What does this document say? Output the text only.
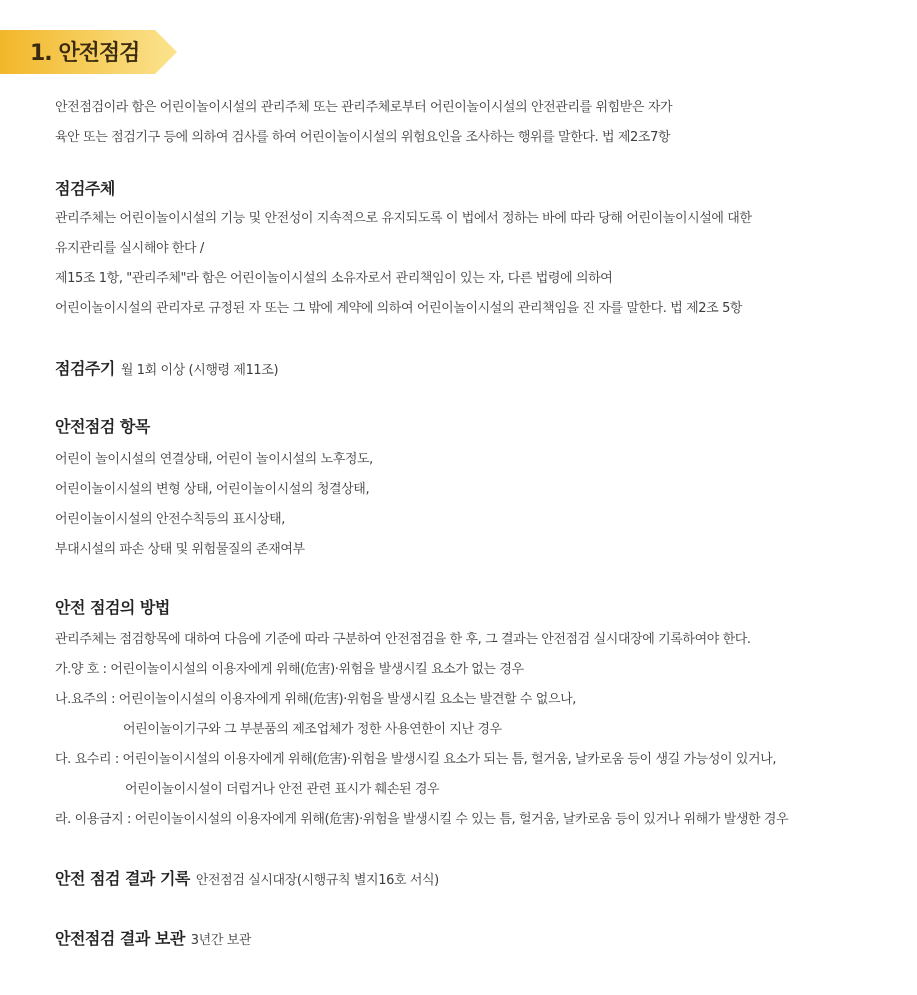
1. 안전점검
안전점검이라 함은 어린이놀이시설의 관리주체 또는 관리주체로부터 어린이놀이시설의 안전관리를 위힘받은 자가
육안 또는 점검기구 등에 의하여 검사를 하여 어린이놀이시설의 위험요인을 조사하는 행위를 말한다. 법 제2조7항
점검주체
관리주체는 어린이놀이시설의 기능 및 안전성이 지속적으로 유지되도록 이 법에서 정하는 바에 따라 당해 어린이놀이시설에 대한
유지관리를 실시해야 한다 /
제15조 1항, "관리주체"라 함은 어린이놀이시설의 소유자로서 관리책임이 있는 자, 다른 법령에 의하여
어린이놀이시설의 관리자로 규정된 자 또는 그 밖에 계약에 의하여 어린이놀이시설의 관리책임을 진 자를 말한다. 법 제2조 5항
점검주기 월 1회 이상 (시행령 제11조)
안전점검 항목
어린이 놀이시설의 연결상태, 어린이 놀이시설의 노후정도,
어린이놀이시설의 변형 상태, 어린이놀이시설의 청결상태,
어린이놀이시설의 안전수칙등의 표시상태,
부대시설의 파손 상태 및 위험물질의 존재여부
안전 점검의 방법
관리주체는 점검항목에 대하여 다음에 기준에 따라 구분하여 안전점검을 한 후, 그 결과는 안전점검 실시대장에 기록하여야 한다.
가.양 호 : 어린이놀이시설의 이용자에게 위해(危害)·위험을 발생시킬 요소가 없는 경우
나.요주의 : 어린이놀이시설의 이용자에게 위해(危害)·위험을 발생시킬 요소는 발견할 수 없으나,
어린이놀이기구와 그 부분품의 제조업체가 정한 사용연한이 지난 경우
다. 요수리 : 어린이놀이시설의 이용자에게 위해(危害)·위험을 발생시킬 요소가 되는 틈, 헐거움, 날카로움 등이 생길 가능성이 있거나,
어린이놀이시설이 더럽거나 안전 관련 표시가 훼손된 경우
라. 이용금지 : 어린이놀이시설의 이용자에게 위해(危害)·위험을 발생시킬 수 있는 틈, 헐거움, 날카로움 등이 있거나 위해가 발생한 경우
안전 점검 결과 기록 안전점검 실시대장(시행규칙 별지16호 서식)
안전점검 결과 보관 3년간 보관
